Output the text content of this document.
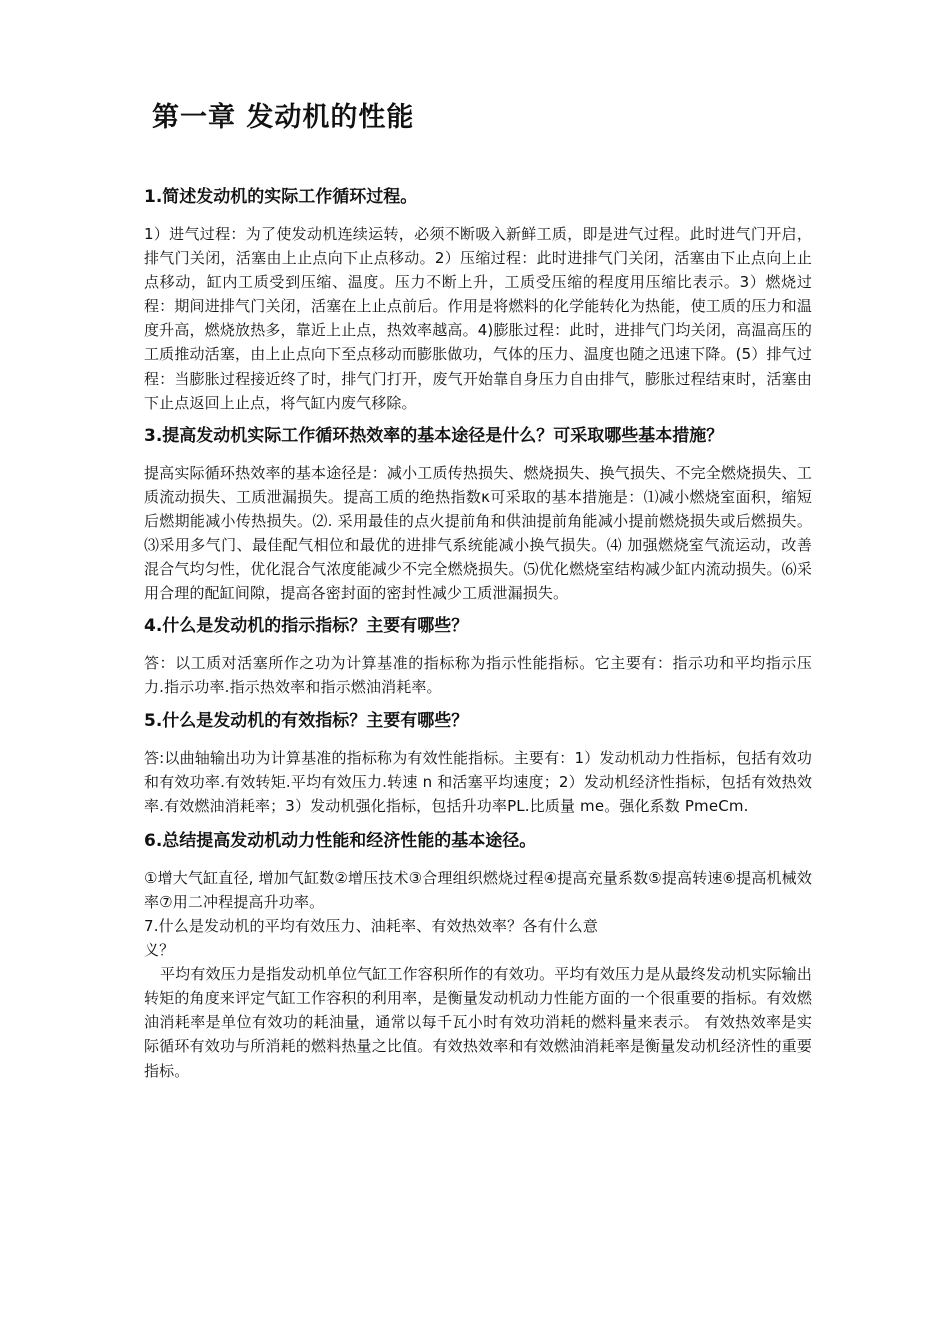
第一章 发动机的性能
1.简述发动机的实际工作循环过程。

1）进气过程：为了使发动机连续运转，必须不断吸入新鲜工质，即是进气过程。此时进气门开启，排气门关闭，活塞由上止点向下止点移动。2）压缩过程：此时进排气门关闭，活塞由下止点向上止点移动，缸内工质受到压缩、温度。压力不断上升，工质受压缩的程度用压缩比表示。3）燃烧过程：期间进排气门关闭，活塞在上止点前后。作用是将燃料的化学能转化为热能，使工质的压力和温度升高，燃烧放热多，靠近上止点，热效率越高。4)膨胀过程：此时，进排气门均关闭，高温高压的工质推动活塞，由上止点向下至点移动而膨胀做功，气体的压力、温度也随之迅速下降。(5）排气过程：当膨胀过程接近终了时，排气门打开，废气开始靠自身压力自由排气，膨胀过程结束时，活塞由下止点返回上止点，将气缸内废气移除。

3.提高发动机实际工作循环热效率的基本途径是什么？可采取哪些基本措施？

提高实际循环热效率的基本途径是：减小工质传热损失、燃烧损失、换气损失、不完全燃烧损失、工质流动损失、工质泄漏损失。提高工质的绝热指数κ可采取的基本措施是：⑴减小燃烧室面积，缩短后燃期能减小传热损失。⑵. 采用最佳的点火提前角和供油提前角能减小提前燃烧损失或后燃损失。⑶采用多气门、最佳配气相位和最优的进排气系统能减小换气损失。⑷ 加强燃烧室气流运动，改善混合气均匀性，优化混合气浓度能减少不完全燃烧损失。⑸优化燃烧室结构减少缸内流动损失。⑹采用合理的配缸间隙，提高各密封面的密封性减少工质泄漏损失。

4.什么是发动机的指示指标？主要有哪些？

答：以工质对活塞所作之功为计算基准的指标称为指示性能指标。它主要有：指示功和平均指示压力.指示功率.指示热效率和指示燃油消耗率。

5.什么是发动机的有效指标？主要有哪些？

答:以曲轴输出功为计算基准的指标称为有效性能指标。主要有：1）发动机动力性指标，包括有效功和有效功率.有效转矩.平均有效压力.转速 n 和活塞平均速度；2）发动机经济性指标，包括有效热效率.有效燃油消耗率；3）发动机强化指标，包括升功率PL.比质量 me。强化系数 PmeCm.

6.总结提高发动机动力性能和经济性能的基本途径。

①增大气缸直径, 增加气缸数②增压技术③合理组织燃烧过程④提高充量系数⑤提高转速⑥提高机械效率⑦用二冲程提高升功率。

7.什么是发动机的平均有效压力、油耗率、有效热效率？各有什么意

义？

平均有效压力是指发动机单位气缸工作容积所作的有效功。平均有效压力是从最终发动机实际输出转矩的角度来评定气缸工作容积的利用率，是衡量发动机动力性能方面的一个很重要的指标。有效燃油消耗率是单位有效功的耗油量，通常以每千瓦小时有效功消耗的燃料量来表示。 有效热效率是实际循环有效功与所消耗的燃料热量之比值。有效热效率和有效燃油消耗率是衡量发动机经济性的重要指标。
